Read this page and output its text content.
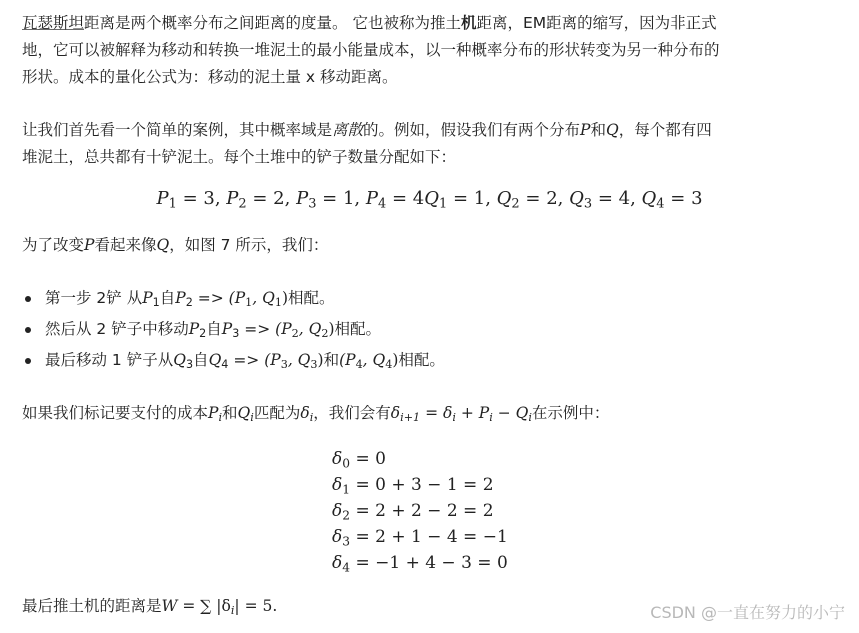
瓦瑟斯坦距离是两个概率分布之间距离的度量。 它也被称为推土机距离，EM距离的缩写，因为非正式
地，它可以被解释为移动和转换一堆泥土的最小能量成本，以一种概率分布的形状转变为另一种分布的
形状。成本的量化公式为：移动的泥土量 x 移动距离。
让我们首先看一个简单的案例，其中概率域是离散的。例如，假设我们有两个分布P和Q，每个都有四
堆泥土，总共都有十铲泥土。每个土堆中的铲子数量分配如下：
$P_1 = 3$, $P_2 = 2$, $P_3 = 1$, $P_4 = 4Q_1 = 1$, $Q_2 = 2$, $Q_3 = 4$, $Q_4 = 3$
为了改变P看起来像Q，如图 7 所示，我们：
第一步 2铲 从$P_1$自$P_2 => (P_1$, $Q_1$)相配。
然后从 2 铲子中移动$P_2$自$P_3 => (P_2$, $Q_2$)相配。
最后移动 1 铲子从$Q_3$自$Q_4 => (P_3$, $Q_3$)和($P_4$, $Q_4$)相配。
如果我们标记要支付的成本$P_i$和$Q_i$匹配为$\delta_i$，我们会有$\delta_{i+1} = \delta_i + P_i - Q_i$在示例中：
$\delta_0 = 0$
$\delta_1 = 0 + 3 - 1 = 2$
$\delta_2 = 2 + 2 - 2 = 2$
$\delta_3 = 2 + 1 - 4 = -1$
$\delta_4 = -1 + 4 - 3 = 0$
最后推土机的距离是W = ∑ $|\delta_i| = 5$.	CSDN @一直在努力的小宁
